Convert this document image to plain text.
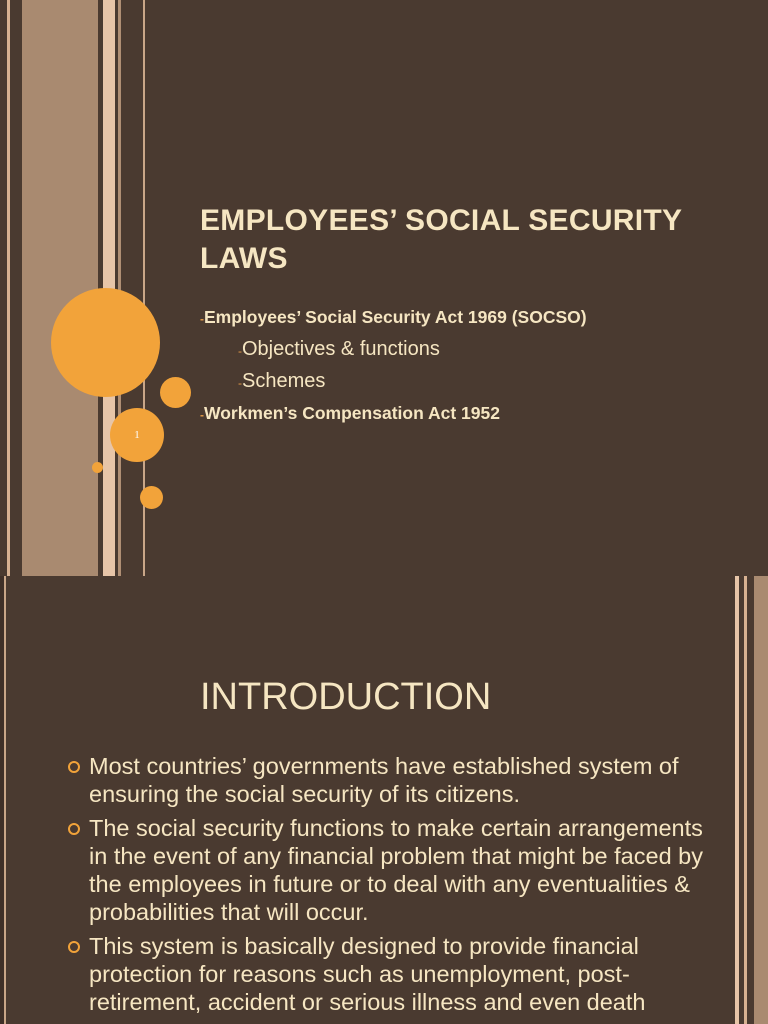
1
EMPLOYEES’ SOCIAL SECURITY LAWS
-Employees’ Social Security Act 1969 (SOCSO)
-Objectives & functions
-Schemes
-Workmen’s Compensation Act 1952
INTRODUCTION
Most countries’ governments have established system of ensuring the social security of its citizens.
The social security functions to make certain arrangements in the event of any financial problem that might be faced by the employees in future or to deal with any eventualities & probabilities that will occur.
This system is basically designed to provide financial protection for reasons such as unemployment, post-retirement, accident or serious illness and even death
